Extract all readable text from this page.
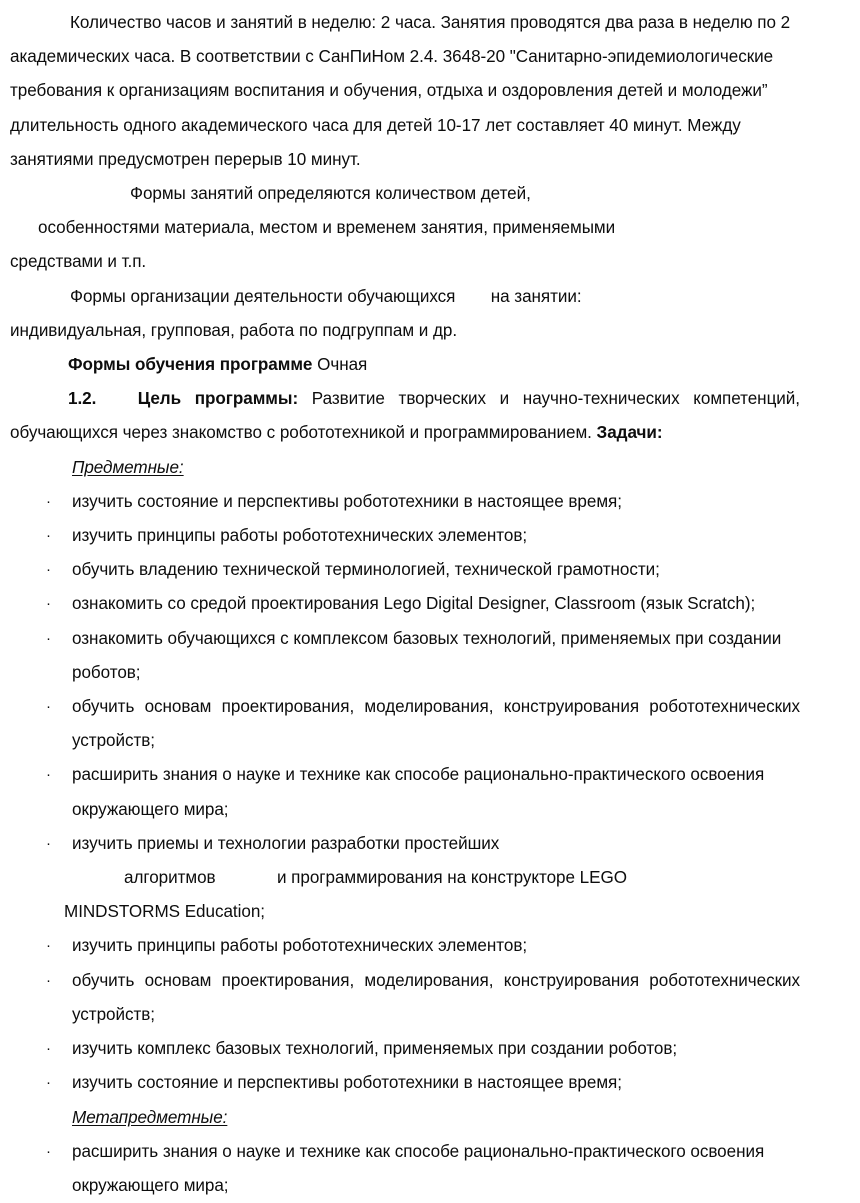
Количество часов и занятий в неделю: 2 часа. Занятия проводятся два раза в неделю по 2 академических часа. В соответствии с СанПиНом 2.4. 3648-20 "Санитарно-эпидемиологические требования к организациям воспитания и обучения, отдыха и оздоровления детей и молодежи” длительность одного академического часа для детей 10-17 лет составляет 40 минут. Между занятиями предусмотрен перерыв 10 минут.

Формы занятий определяются количеством детей,

особенностями материала, местом и временем занятия, применяемыми

средствами и т.п.

Формы организации деятельности обучающихся на занятии:

индивидуальная, групповая, работа по подгруппам и др.

Формы обучения программе Очная

1.2. Цель программы: Развитие творческих и научно-технических компетенций, обучающихся через знакомство с робототехникой и программированием. Задачи:

Предметные:

·	изучить состояние и перспективы робототехники в настоящее время;
·	изучить принципы работы робототехнических элементов;
·	обучить владению технической терминологией, технической грамотности;
·	ознакомить со средой проектирования Lego Digital Designer, Classroom (язык Scratch);
·	ознакомить обучающихся с комплексом базовых технологий, применяемых при создании роботов;
·	обучить основам проектирования, моделирования, конструирования робототехнических устройств;
·	расширить знания о науке и технике как способе рационально-практического освоения окружающего мира;
·	изучить приемы и технологии разработки простейших алгоритмов	и программирования на конструкторе LEGO
MINDSTORMS Education;
·	изучить принципы работы робототехнических элементов;
·	обучить основам проектирования, моделирования, конструирования робототехнических устройств;
·	изучить комплекс базовых технологий, применяемых при создании роботов;
·	изучить состояние и перспективы робототехники в настоящее время;

Метапредметные:

·	расширить знания о науке и технике как способе рационально-практического освоения окружающего мира;
